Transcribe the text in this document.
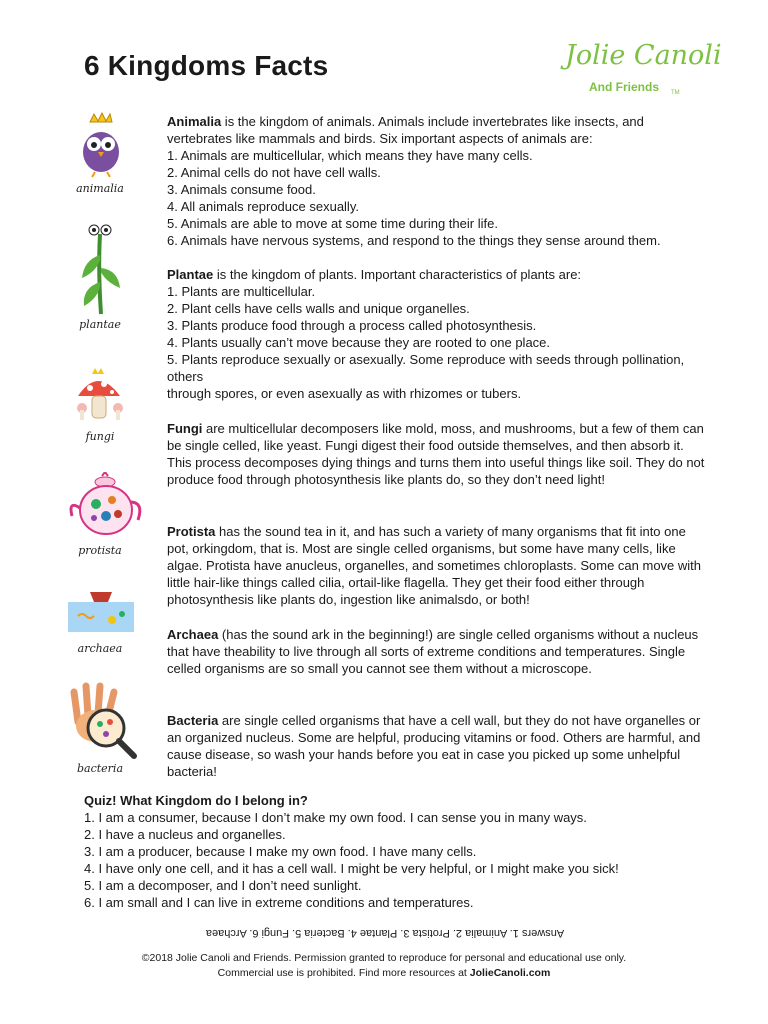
6 Kingdoms Facts	Jolie Canoli
And Friends TM
animalia
plantae
fungi
protista
archaea
bacteria

Animalia is the kingdom of animals. Animals include invertebrates like insects, and vertebrates like mammals and birds. Six important aspects of animals are:

1. Animals are multicellular, which means they have many cells.

2. Animal cells do not have cell walls.

3. Animals consume food.

4. All animals reproduce sexually.

5. Animals are able to move at some time during their life.

6. Animals have nervous systems, and respond to the things they sense around them.

Plantae is the kingdom of plants. Important characteristics of plants are:

1. Plants are multicellular.

2. Plant cells have cells walls and unique organelles.

3. Plants produce food through a process called photosynthesis.

4. Plants usually can’t move because they are rooted to one place.

5. Plants reproduce sexually or asexually. Some reproduce with seeds through pollination, others

through spores, or even asexually as with rhizomes or tubers.

Fungi are multicellular decomposers like mold, moss, and mushrooms, but a few of them can be single celled, like yeast. Fungi digest their food outside themselves, and then absorb it. This process decomposes dying things and turns them into useful things like soil. They do not produce food through photosynthesis like plants do, so they don’t need light!

Protista has the sound tea in it, and has such a variety of many organisms that fit into one pot, orkingdom, that is. Most are single celled organisms, but some have many cells, like algae. Protista have anucleus, organelles, and sometimes chloroplasts. Some can move with little hair-like things called cilia, ortail-like flagella. They get their food either through photosynthesis like plants do, ingestion like animalsdo, or both!

Archaea (has the sound ark in the beginning!) are single celled organisms without a nucleus that have theability to live through all sorts of extreme conditions and temperatures. Single celled organisms are so small you cannot see them without a microscope.

Bacteria are single celled organisms that have a cell wall, but they do not have organelles or an organized nucleus. Some are helpful, producing vitamins or food. Others are harmful, and cause disease, so wash your hands before you eat in case you picked up some unhelpful bacteria!

Quiz! What Kingdom do I belong in?

1. I am a consumer, because I don’t make my own food. I can sense you in many ways.

2. I have a nucleus and organelles.

3. I am a producer, because I make my own food. I have many cells.

4. I have only one cell, and it has a cell wall. I might be very helpful, or I might make you sick!

5. I am a decomposer, and I don’t need sunlight.

6. I am small and I can live in extreme conditions and temperatures.

Answers 1. Animalia 2. Protista 3. Plantae 4. Bacteria 5. Fungi 6. Archaea
©2018 Jolie Canoli and Friends. Permission granted to reproduce for personal and educational use only.
Commercial use is prohibited. Find more resources at JolieCanoli.com
